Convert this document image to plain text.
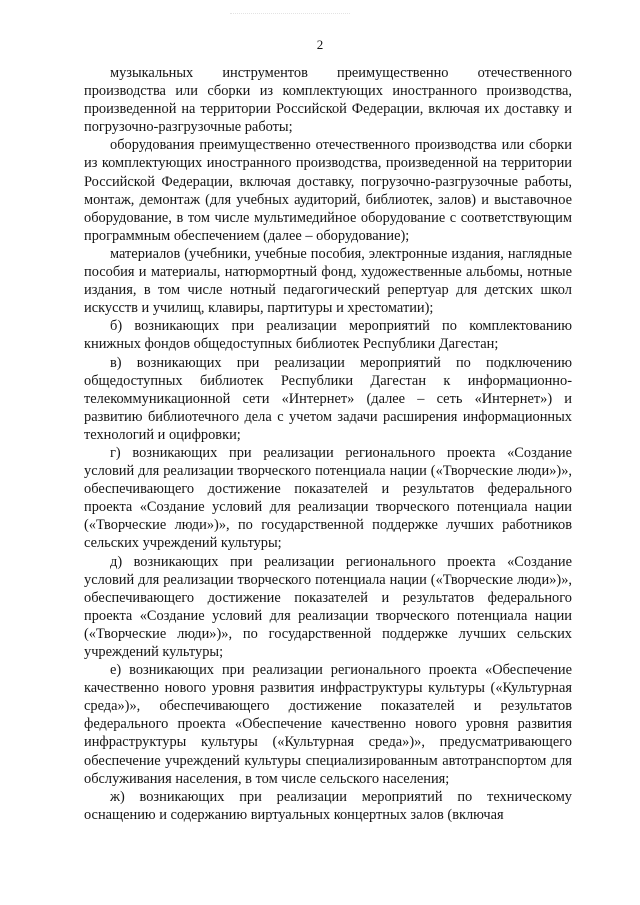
2

музыкальных инструментов преимущественно отечественного производства или сборки из комплектующих иностранного производства, произведенной на территории Российской Федерации, включая их доставку и погрузочно-разгрузочные работы;

оборудования преимущественно отечественного производства или сборки из комплектующих иностранного производства, произведенной на территории Российской Федерации, включая доставку, погрузочно-разгрузочные работы, монтаж, демонтаж (для учебных аудиторий, библиотек, залов) и выставочное оборудование, в том числе мультимедийное оборудование с соответствующим программным обеспечением (далее – оборудование);

материалов (учебники, учебные пособия, электронные издания, наглядные пособия и материалы, натюрмортный фонд, художественные альбомы, нотные издания, в том числе нотный педагогический репертуар для детских школ искусств и училищ, клавиры, партитуры и хрестоматии);

б) возникающих при реализации мероприятий по комплектованию книжных фондов общедоступных библиотек Республики Дагестан;

в) возникающих при реализации мероприятий по подключению общедоступных библиотек Республики Дагестан к информационно-телекоммуникационной сети «Интернет» (далее – сеть «Интернет») и развитию библиотечного дела с учетом задачи расширения информационных технологий и оцифровки;

г) возникающих при реализации регионального проекта «Создание условий для реализации творческого потенциала нации («Творческие люди»)», обеспечивающего достижение показателей и результатов федерального проекта «Создание условий для реализации творческого потенциала нации («Творческие люди»)», по государственной поддержке лучших работников сельских учреждений культуры;

д) возникающих при реализации регионального проекта «Создание условий для реализации творческого потенциала нации («Творческие люди»)», обеспечивающего достижение показателей и результатов федерального проекта «Создание условий для реализации творческого потенциала нации («Творческие люди»)», по государственной поддержке лучших сельских учреждений культуры;

е) возникающих при реализации регионального проекта «Обеспечение качественно нового уровня развития инфраструктуры культуры («Культурная среда»)», обеспечивающего достижение показателей и результатов федерального проекта «Обеспечение качественно нового уровня развития инфраструктуры культуры («Культурная среда»)», предусматривающего обеспечение учреждений культуры специализированным автотранспортом для обслуживания населения, в том числе сельского населения;

ж) возникающих при реализации мероприятий по техническому оснащению и содержанию виртуальных концертных залов (включая
